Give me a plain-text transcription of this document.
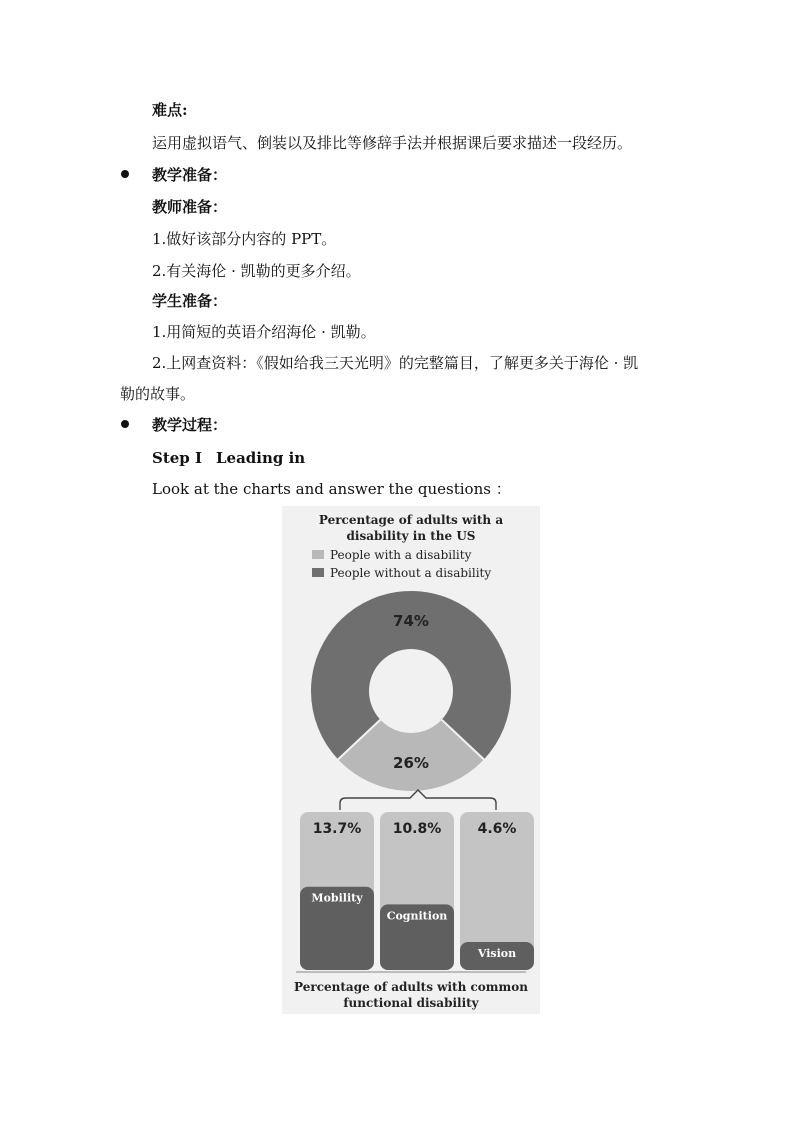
难点:
运用虚拟语气、倒装以及排比等修辞手法并根据课后要求描述一段经历。
教学准备：
教师准备：
1.做好该部分内容的 PPT。
2.有关海伦 · 凯勒的更多介绍。
学生准备：
1.用简短的英语介绍海伦 · 凯勒。
2.上网查资料：《假如给我三天光明》的完整篇目，了解更多关于海伦 · 凯
勒的故事。
教学过程：
Step I Leading in
Look at the charts and answer the questions ：
Percentage of adults with a
disability in the US
People with a disability
People without a disability
74%
26%
13.7% 10.8%	4.6%
Mobility
Cognition
Vision
Percentage of adults with common
functional disability
